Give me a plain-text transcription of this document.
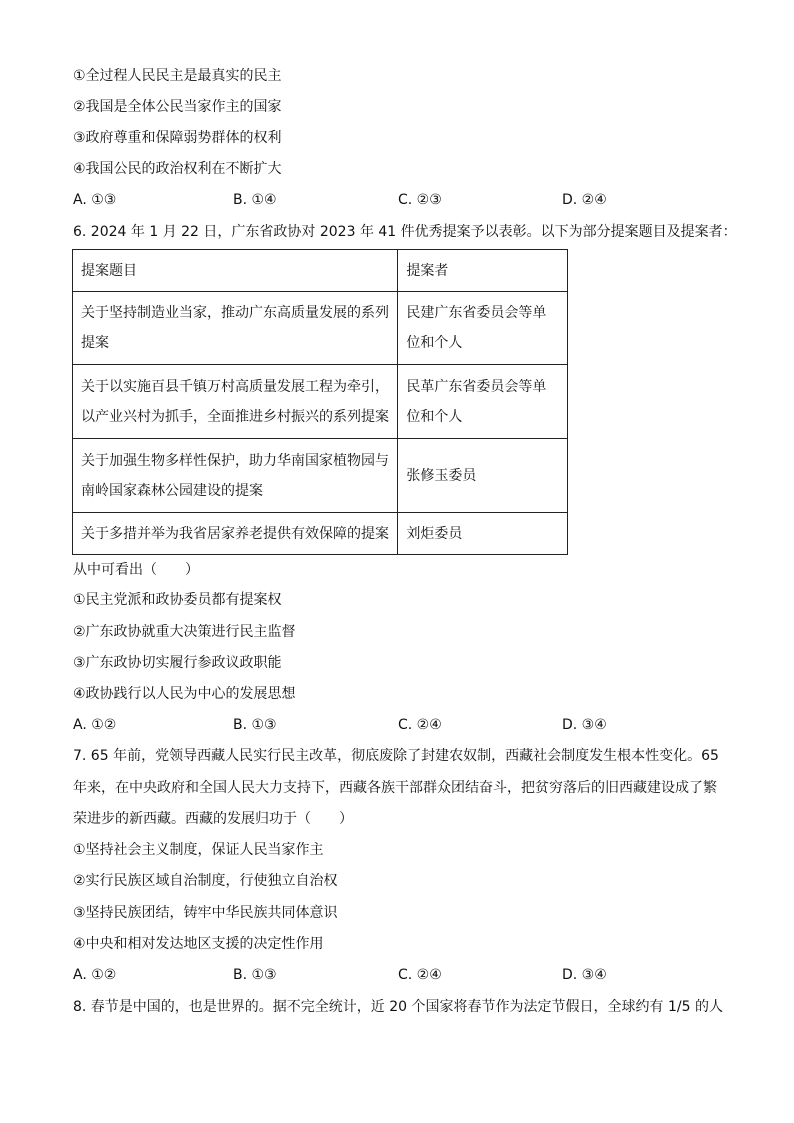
①全过程人民民主是最真实的民主
②我国是全体公民当家作主的国家
③政府尊重和保障弱势群体的权利
④我国公民的政治权利在不断扩大
A. ①③	B. ①④	C. ②③	D. ②④
6. 2024 年 1 月 22 日，广东省政协对 2023 年 41 件优秀提案予以表彰。以下为部分提案题目及提案者：
提案题目	提案者
关于坚持制造业当家，推动广东高质量发展的系列提案	民建广东省委员会等单位和个人
关于以实施百县千镇万村高质量发展工程为牵引，以产业兴村为抓手，全面推进乡村振兴的系列提案	民革广东省委员会等单位和个人
关于加强生物多样性保护，助力华南国家植物园与南岭国家森林公园建设的提案	张修玉委员
关于多措并举为我省居家养老提供有效保障的提案	刘炬委员
从中可看出（　　）
①民主党派和政协委员都有提案权
②广东政协就重大决策进行民主监督
③广东政协切实履行参政议政职能
④政协践行以人民为中心的发展思想
A. ①②	B. ①③	C. ②④	D. ③④
7. 65 年前，党领导西藏人民实行民主改革，彻底废除了封建农奴制，西藏社会制度发生根本性变化。65
年来，在中央政府和全国人民大力支持下，西藏各族干部群众团结奋斗，把贫穷落后的旧西藏建设成了繁
荣进步的新西藏。西藏的发展归功于（　　）
①坚持社会主义制度，保证人民当家作主
②实行民族区域自治制度，行使独立自治权
③坚持民族团结，铸牢中华民族共同体意识
④中央和相对发达地区支援的决定性作用
A. ①②	B. ①③	C. ②④	D. ③④
8. 春节是中国的，也是世界的。据不完全统计，近 20 个国家将春节作为法定节假日，全球约有 1/5 的人
